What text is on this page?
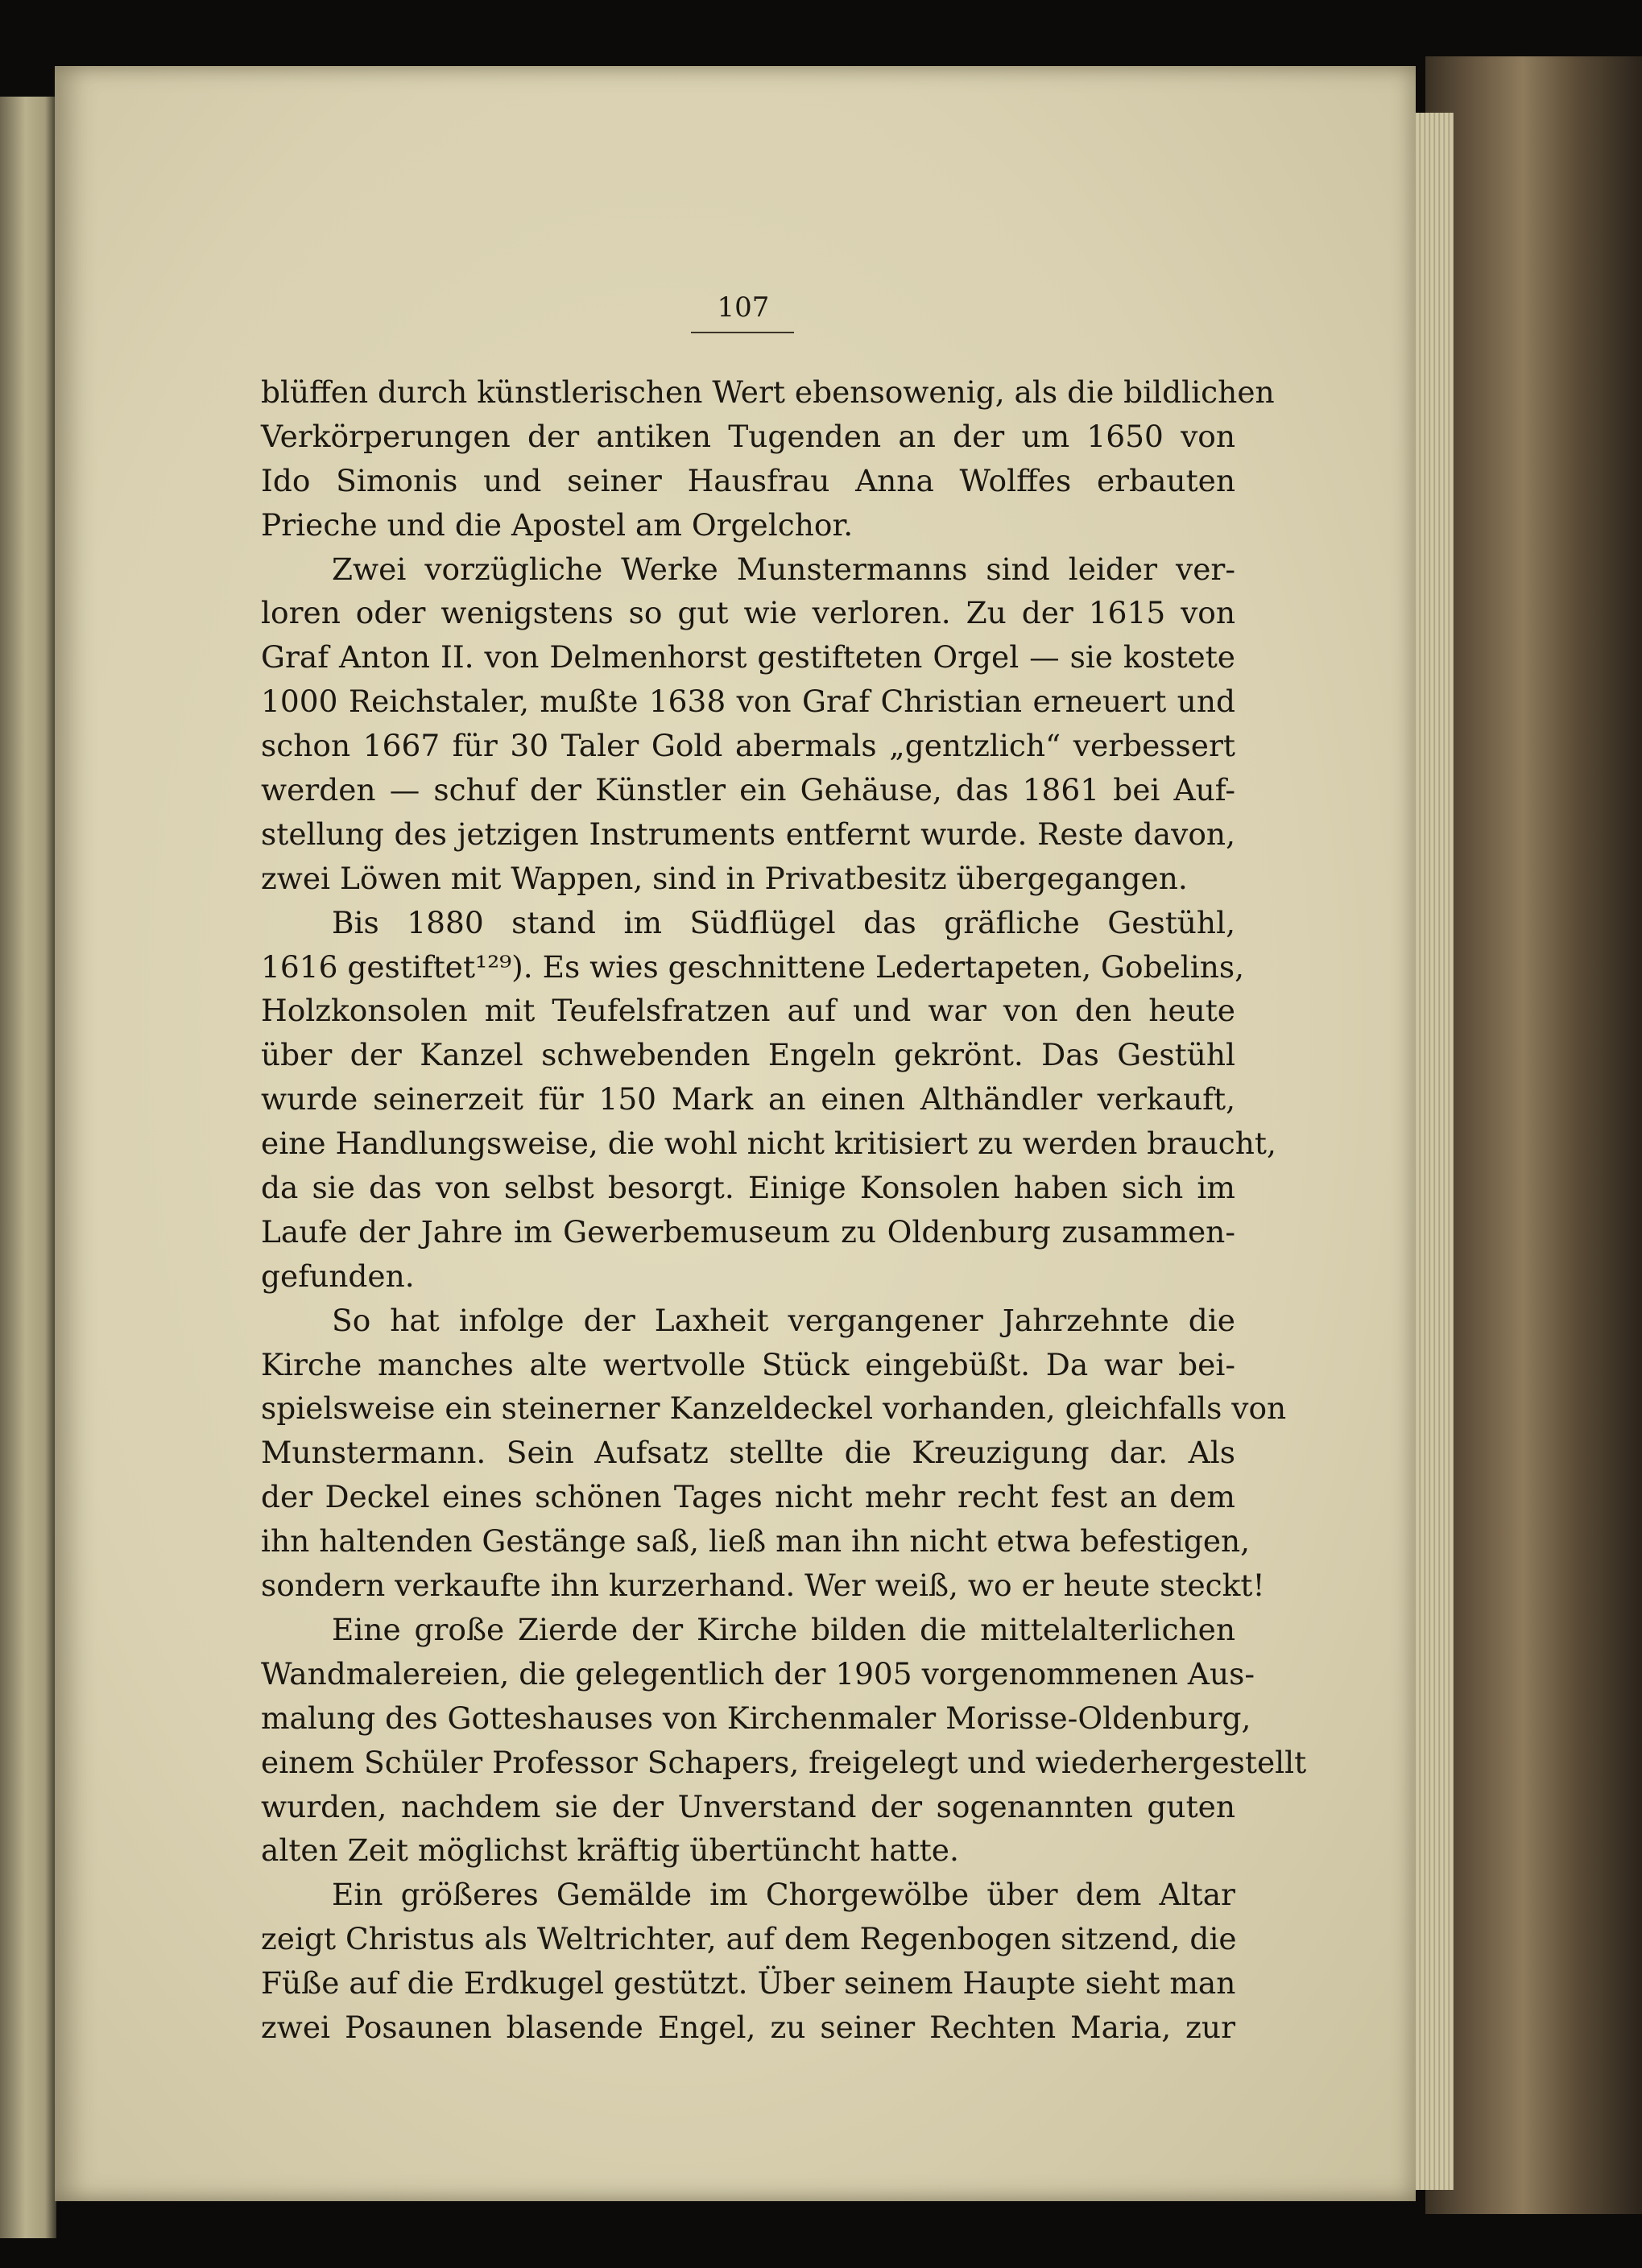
107
blüffen durch künstlerischen Wert ebensowenig, als die bildlichen
Verkörperungen der antiken Tugenden an der um 1650 von
Ido Simonis und seiner Hausfrau Anna Wolffes erbauten
Prieche und die Apostel am Orgelchor.
Zwei vorzügliche Werke Munstermanns sind leider ver-
loren oder wenigstens so gut wie verloren. Zu der 1615 von
Graf Anton II. von Delmenhorst gestifteten Orgel — sie kostete
1000 Reichstaler, mußte 1638 von Graf Christian erneuert und
schon 1667 für 30 Taler Gold abermals „gentzlich“ verbessert
werden — schuf der Künstler ein Gehäuse, das 1861 bei Auf-
stellung des jetzigen Instruments entfernt wurde. Reste davon,
zwei Löwen mit Wappen, sind in Privatbesitz übergegangen.
Bis 1880 stand im Südflügel das gräfliche Gestühl,
1616 gestiftet¹²⁹). Es wies geschnittene Ledertapeten, Gobelins,
Holzkonsolen mit Teufelsfratzen auf und war von den heute
über der Kanzel schwebenden Engeln gekrönt. Das Gestühl
wurde seinerzeit für 150 Mark an einen Althändler verkauft,
eine Handlungsweise, die wohl nicht kritisiert zu werden braucht,
da sie das von selbst besorgt. Einige Konsolen haben sich im
Laufe der Jahre im Gewerbemuseum zu Oldenburg zusammen-
gefunden.
So hat infolge der Laxheit vergangener Jahrzehnte die
Kirche manches alte wertvolle Stück eingebüßt. Da war bei-
spielsweise ein steinerner Kanzeldeckel vorhanden, gleichfalls von
Munstermann. Sein Aufsatz stellte die Kreuzigung dar. Als
der Deckel eines schönen Tages nicht mehr recht fest an dem
ihn haltenden Gestänge saß, ließ man ihn nicht etwa befestigen,
sondern verkaufte ihn kurzerhand. Wer weiß, wo er heute steckt!
Eine große Zierde der Kirche bilden die mittelalterlichen
Wandmalereien, die gelegentlich der 1905 vorgenommenen Aus-
malung des Gotteshauses von Kirchenmaler Morisse-Oldenburg,
einem Schüler Professor Schapers, freigelegt und wiederhergestellt
wurden, nachdem sie der Unverstand der sogenannten guten
alten Zeit möglichst kräftig übertüncht hatte.
Ein größeres Gemälde im Chorgewölbe über dem Altar
zeigt Christus als Weltrichter, auf dem Regenbogen sitzend, die
Füße auf die Erdkugel gestützt. Über seinem Haupte sieht man
zwei Posaunen blasende Engel, zu seiner Rechten Maria, zur
